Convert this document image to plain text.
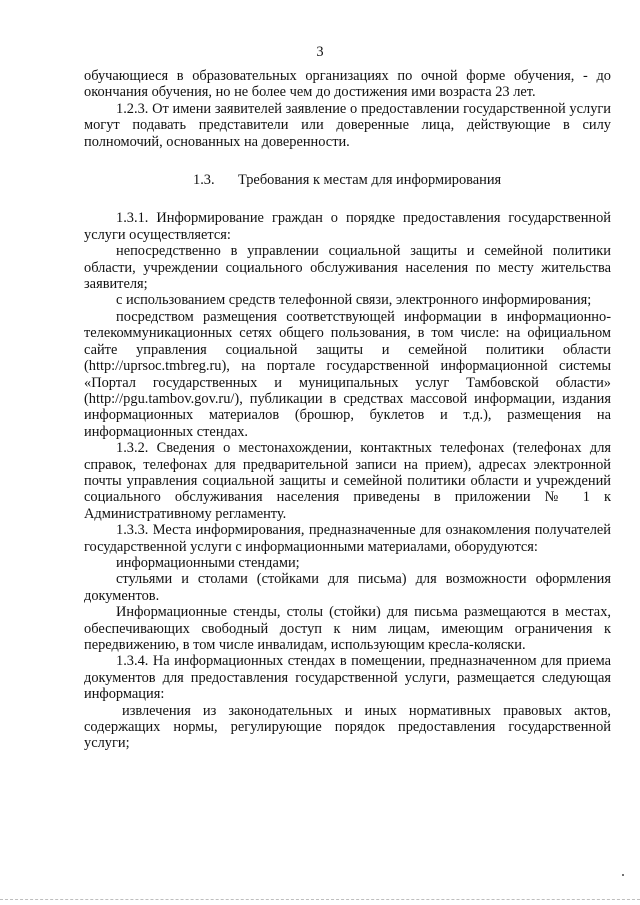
3

обучающиеся в образовательных организациях по очной форме обучения, - до окончания обучения, но не более чем до достижения ими возраста 23 лет.

1.2.3. От имени заявителей заявление о предоставлении государственной услуги могут подавать представители или доверенные лица, действующие в силу полномочий, основанных на доверенности.

1.3. Требования к местам для информирования

1.3.1. Информирование граждан о порядке предоставления государственной услуги осуществляется:

непосредственно в управлении социальной защиты и семейной политики области, учреждении социального обслуживания населения по месту жительства заявителя;

с использованием средств телефонной связи, электронного информирования;

посредством размещения соответствующей информации в информационно-телекоммуникационных сетях общего пользования, в том числе: на официальном сайте управления социальной защиты и семейной политики области (http://uprsoc.tmbreg.ru), на портале государственной информационной системы «Портал государственных и муниципальных услуг Тамбовской области» (http://pgu.tambov.gov.ru/), публикации в средствах массовой информации, издания информационных материалов (брошюр, буклетов и т.д.), размещения на информационных стендах.

1.3.2. Сведения о местонахождении, контактных телефонах (телефонах для справок, телефонах для предварительной записи на прием), адресах электронной почты управления социальной защиты и семейной политики области и учреждений социального обслуживания населения приведены в приложении № 1 к Административному регламенту.

1.3.3. Места информирования, предназначенные для ознакомления получателей государственной услуги с информационными материалами, оборудуются:

информационными стендами;

стульями и столами (стойками для письма) для возможности оформления документов.

Информационные стенды, столы (стойки) для письма размещаются в местах, обеспечивающих свободный доступ к ним лицам, имеющим ограничения к передвижению, в том числе инвалидам, использующим кресла-коляски.

1.3.4. На информационных стендах в помещении, предназначенном для приема документов для предоставления государственной услуги, размещается следующая информация:

извлечения из законодательных и иных нормативных правовых актов, содержащих нормы, регулирующие порядок предоставления государственной услуги;
